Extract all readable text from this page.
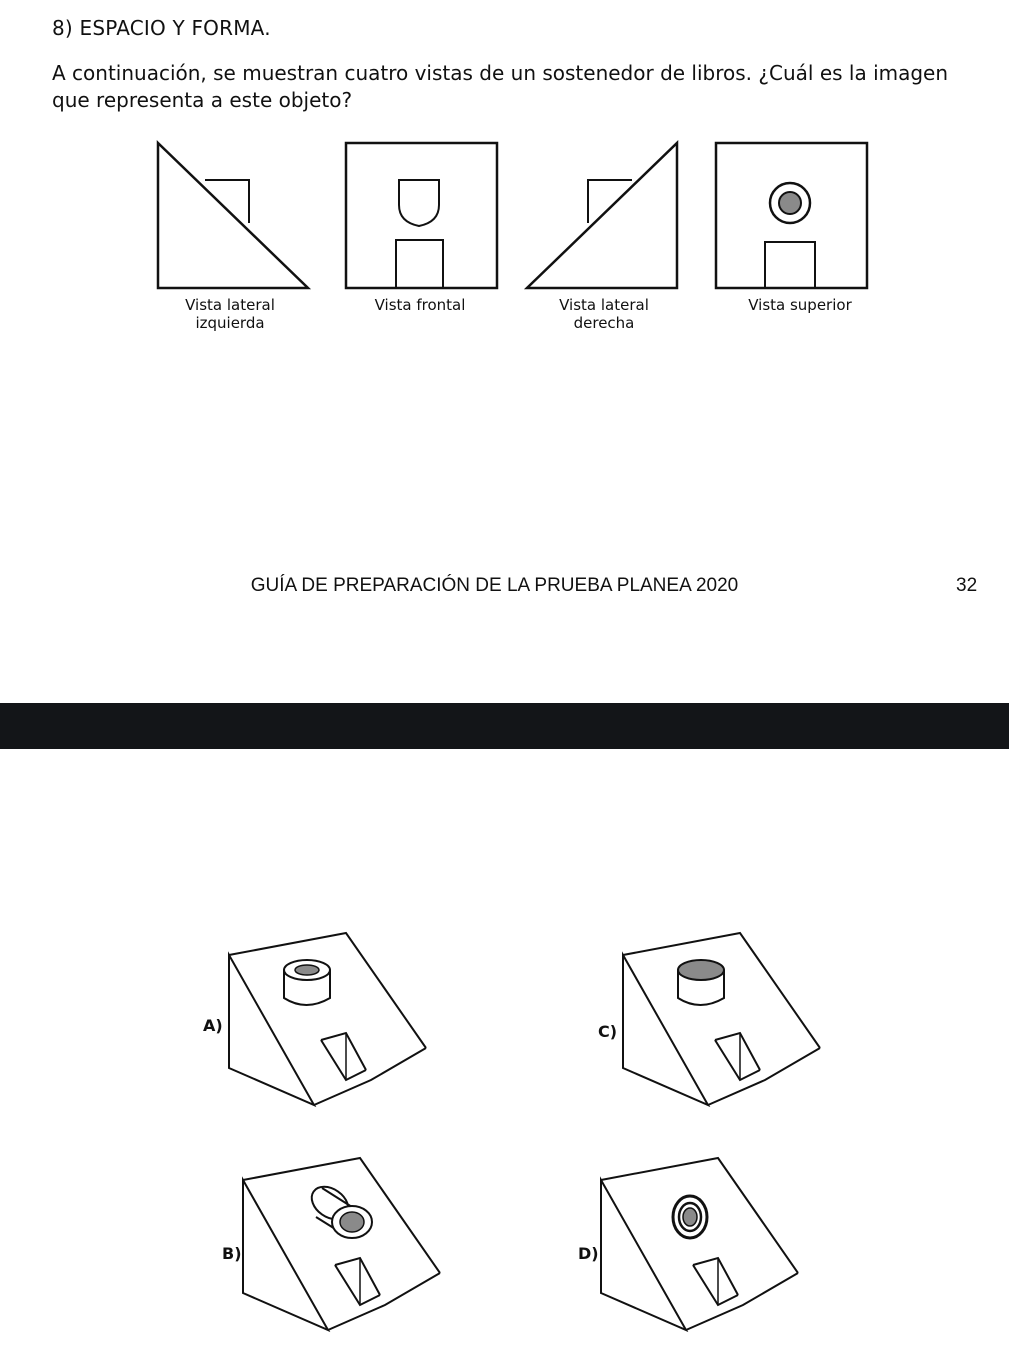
8) ESPACIO Y FORMA.
A continuación, se muestran cuatro vistas de un sostenedor de libros. ¿Cuál es la imagen que representa a este objeto?
Vista lateral
izquierda
Vista frontal	Vista lateral
derecha
Vista superior
GUÍA DE PREPARACIÓN DE LA PRUEBA PLANEA 2020	32
A)	C)
B)	D)
